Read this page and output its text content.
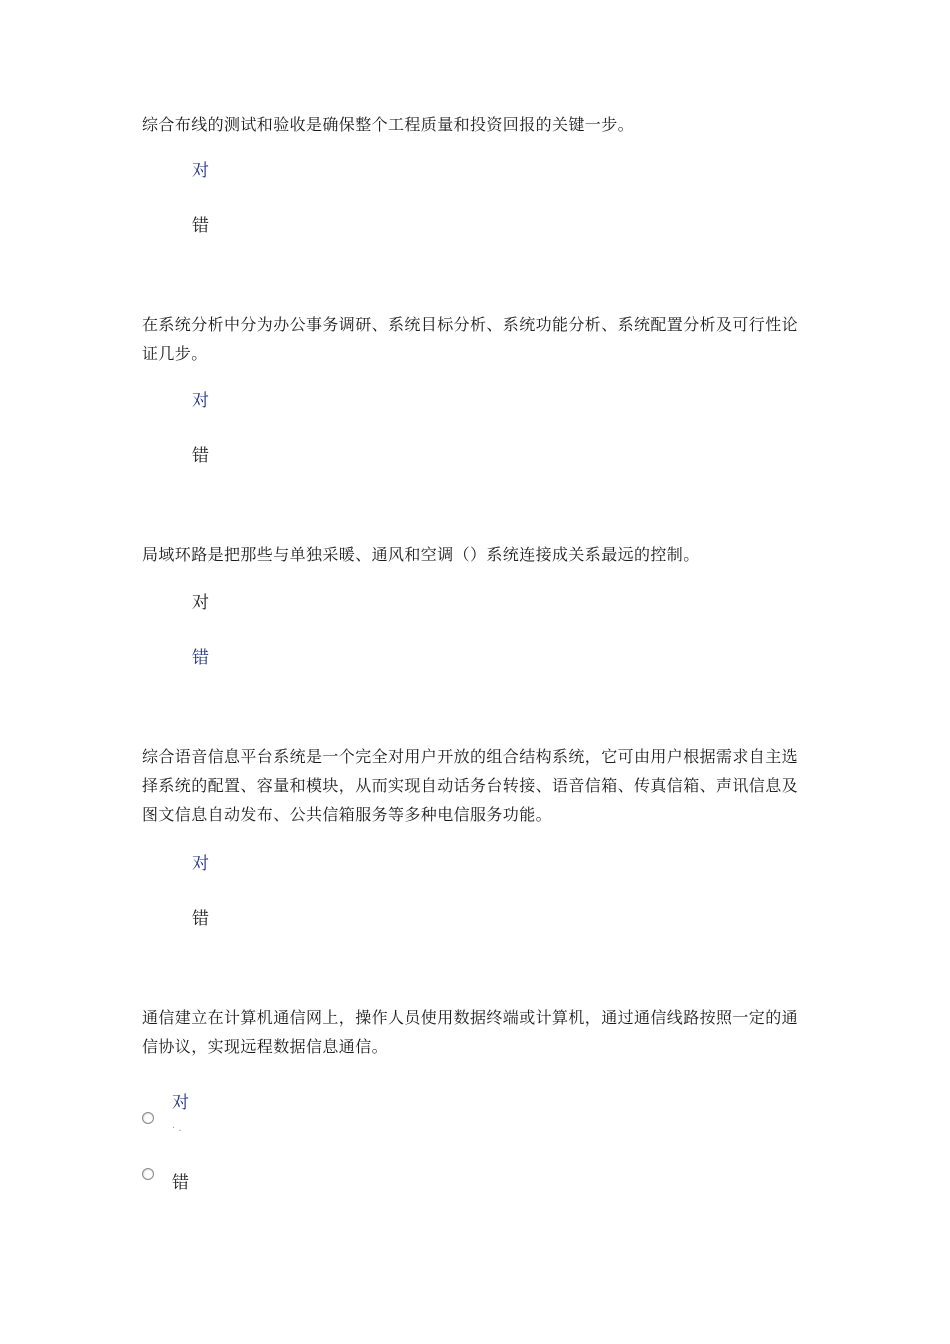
综合布线的测试和验收是确保整个工程质量和投资回报的关键一步。
对
错
在系统分析中分为办公事务调研、系统目标分析、系统功能分析、系统配置分析及可行性论证几步。
对
错
局域环路是把那些与单独采暖、通风和空调（）系统连接成关系最远的控制。
对
错
综合语音信息平台系统是一个完全对用户开放的组合结构系统，它可由用户根据需求自主选择系统的配置、容量和模块，从而实现自动话务台转接、语音信箱、传真信箱、声讯信息及图文信息自动发布、公共信箱服务等多种电信服务功能。
对
错
通信建立在计算机通信网上，操作人员使用数据终端或计算机，通过通信线路按照一定的通信协议，实现远程数据信息通信。
对
· .
错
